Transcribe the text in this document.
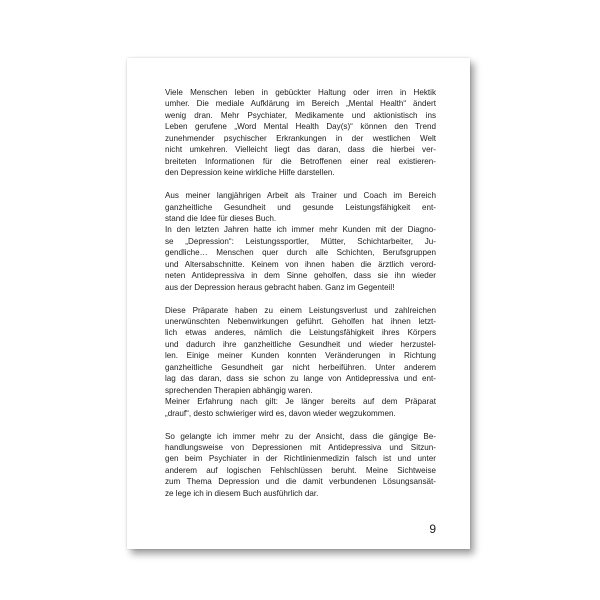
Viele Menschen leben in gebückter Haltung oder irren in Hektik
umher. Die mediale Aufklärung im Bereich „Mental Health“ ändert
wenig dran. Mehr Psychiater, Medikamente und aktionistisch ins
Leben gerufene „Word Mental Health Day(s)“ können den Trend
zunehmender psychischer Erkrankungen in der westlichen Welt
nicht umkehren. Vielleicht liegt das daran, dass die hierbei ver-
breiteten Informationen für die Betroffenen einer real existieren-
den Depression keine wirkliche Hilfe darstellen.

Aus meiner langjährigen Arbeit als Trainer und Coach im Bereich
ganzheitliche Gesundheit und gesunde Leistungsfähigkeit ent-
stand die Idee für dieses Buch.
In den letzten Jahren hatte ich immer mehr Kunden mit der Diagno-
se „Depression“: Leistungssportler, Mütter, Schichtarbeiter, Ju-
gendliche… Menschen quer durch alle Schichten, Berufsgruppen
und Altersabschnitte. Keinem von ihnen haben die ärztlich verord-
neten Antidepressiva in dem Sinne geholfen, dass sie ihn wieder
aus der Depression heraus gebracht haben. Ganz im Gegenteil!

Diese Präparate haben zu einem Leistungsverlust und zahlreichen
unerwünschten Nebenwirkungen geführt. Geholfen hat ihnen letzt-
lich etwas anderes, nämlich die Leistungsfähigkeit ihres Körpers
und dadurch ihre ganzheitliche Gesundheit und wieder herzustel-
len. Einige meiner Kunden konnten Veränderungen in Richtung
ganzheitliche Gesundheit gar nicht herbeiführen. Unter anderem
lag das daran, dass sie schon zu lange von Antidepressiva und ent-
sprechenden Therapien abhängig waren.
Meiner Erfahrung nach gilt: Je länger bereits auf dem Präparat
„drauf“, desto schwieriger wird es, davon wieder wegzukommen.

So gelangte ich immer mehr zu der Ansicht, dass die gängige Be-
handlungsweise von Depressionen mit Antidepressiva und Sitzun-
gen beim Psychiater in der Richtlinienmedizin falsch ist und unter
anderem auf logischen Fehlschlüssen beruht. Meine Sichtweise
zum Thema Depression und die damit verbundenen Lösungsansät-
ze lege ich in diesem Buch ausführlich dar.

9
